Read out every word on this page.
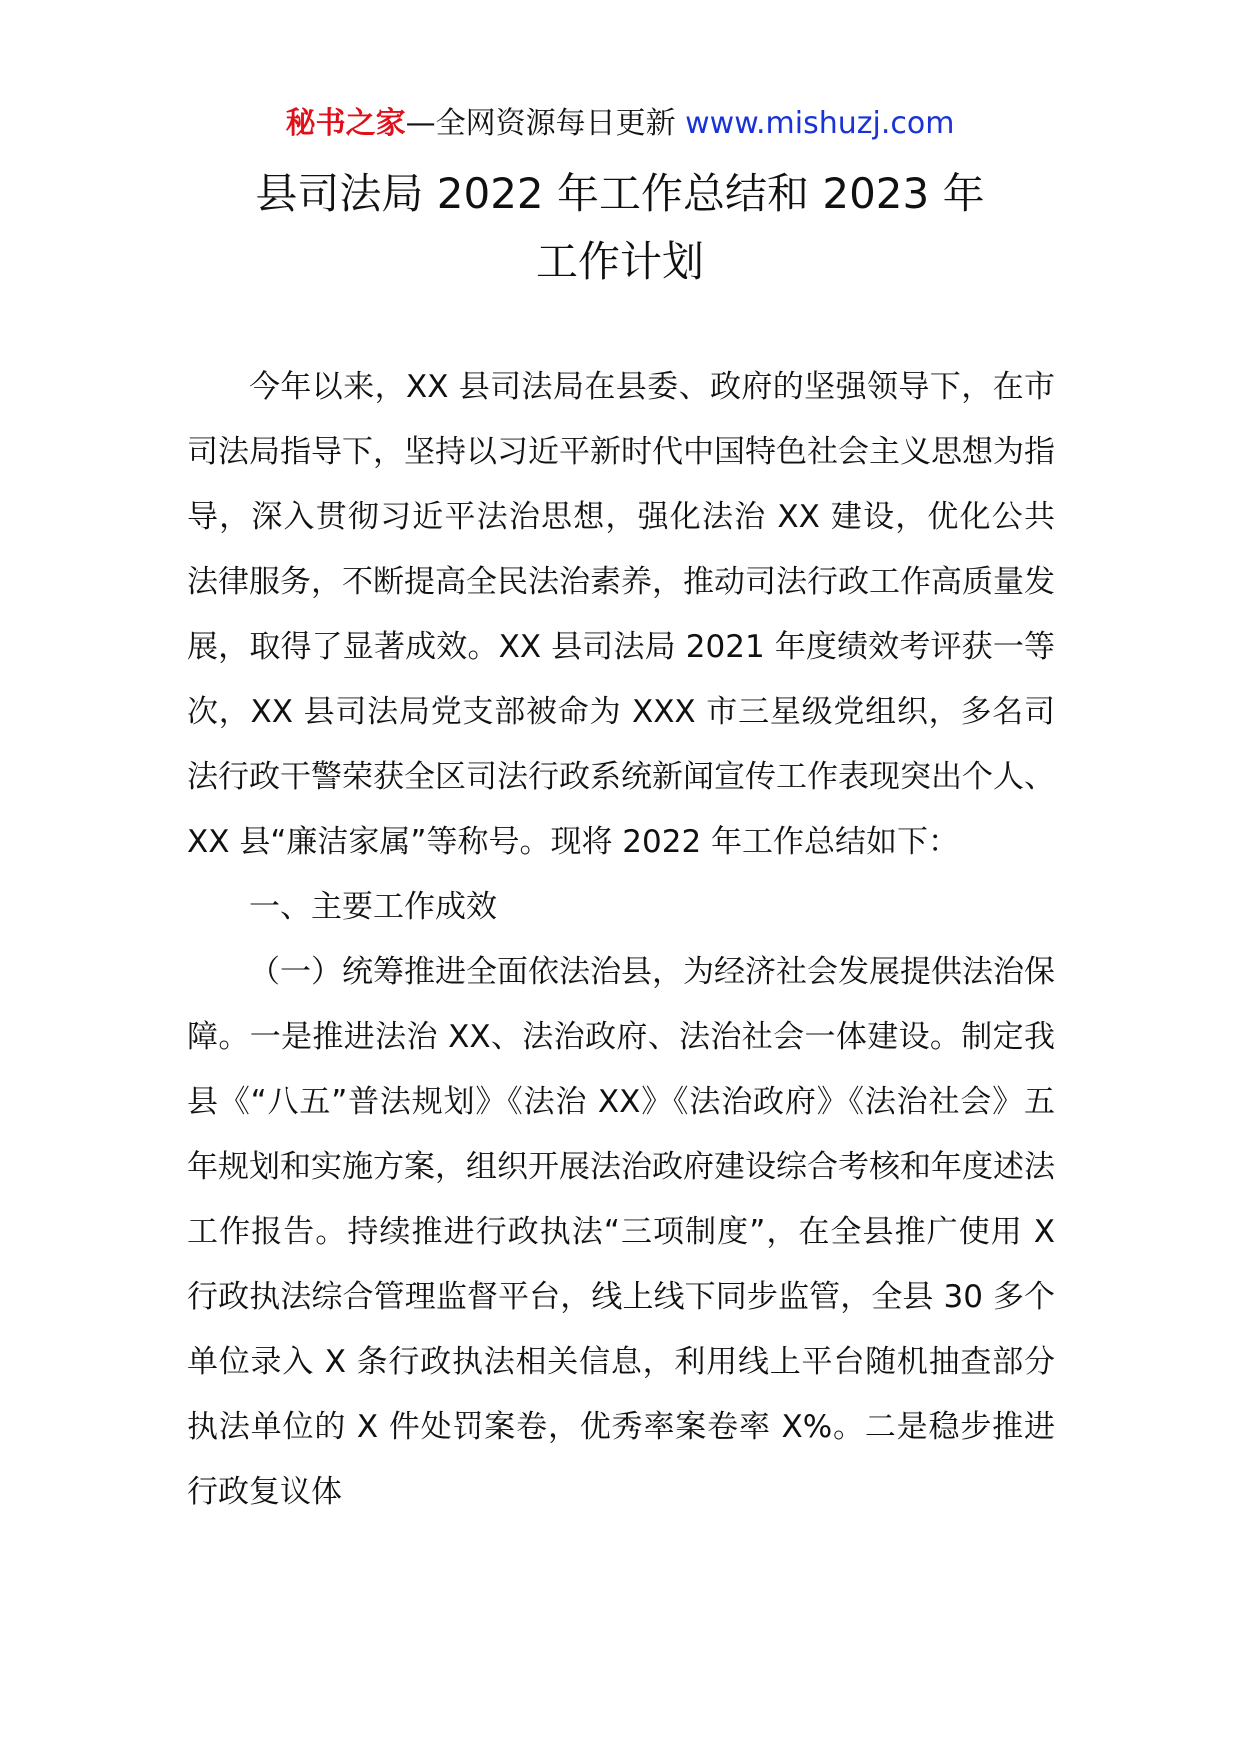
秘书之家—全网资源每日更新 www.mishuzj.com
县司法局 2022 年工作总结和 2023 年
工作计划

今年以来，XX 县司法局在县委、政府的坚强领导下，在市司法局指导下，坚持以习近平新时代中国特色社会主义思想为指导，深入贯彻习近平法治思想，强化法治 XX 建设，优化公共法律服务，不断提高全民法治素养，推动司法行政工作高质量发展，取得了显著成效。XX 县司法局 2021 年度绩效考评获一等次，XX 县司法局党支部被命为 XXX 市三星级党组织，多名司法行政干警荣获全区司法行政系统新闻宣传工作表现突出个人、XX 县“廉洁家属”等称号。现将 2022 年工作总结如下：

一、主要工作成效

（一）统筹推进全面依法治县，为经济社会发展提供法治保障。一是推进法治 XX、法治政府、法治社会一体建设。制定我县《“八五”普法规划》《法治 XX》《法治政府》《法治社会》五年规划和实施方案，组织开展法治政府建设综合考核和年度述法工作报告。持续推进行政执法“三项制度”，在全县推广使用 X 行政执法综合管理监督平台，线上线下同步监管，全县 30 多个单位录入 X 条行政执法相关信息，利用线上平台随机抽查部分执法单位的 X 件处罚案卷，优秀率案卷率 X%。二是稳步推进行政复议体
